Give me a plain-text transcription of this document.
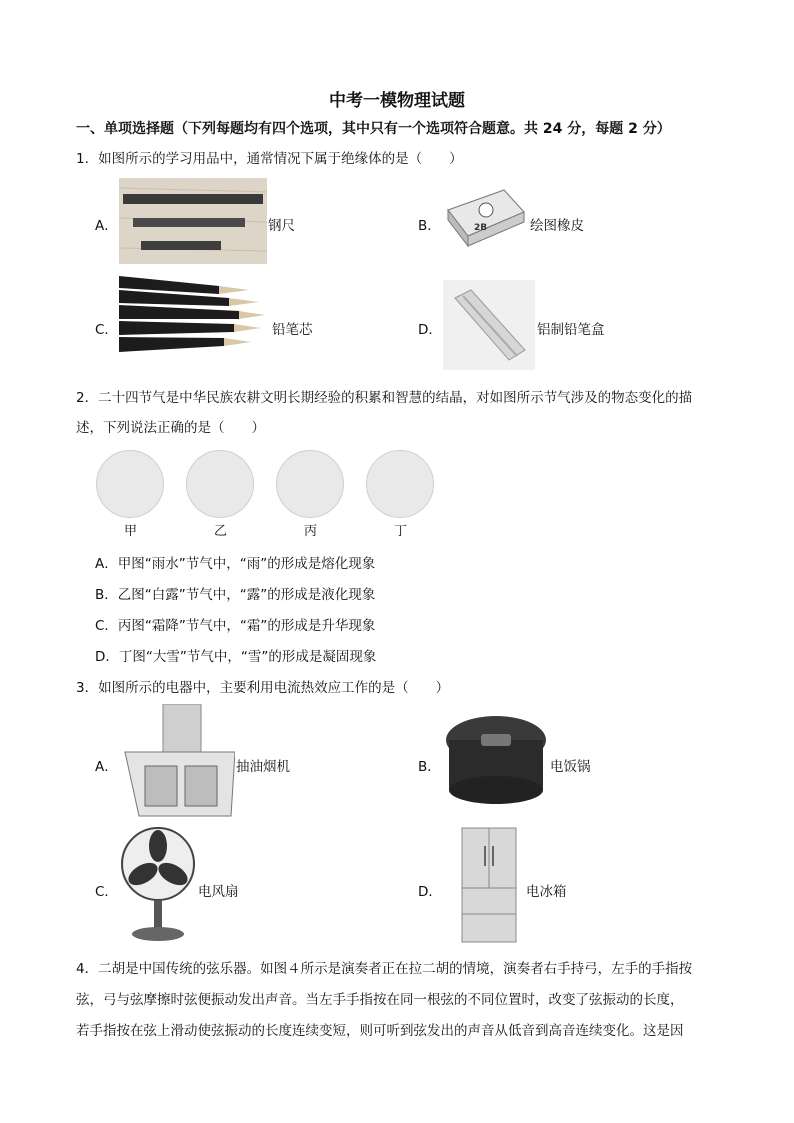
中考一模物理试题
一、单项选择题（下列每题均有四个选项，其中只有一个选项符合题意。共 24 分，每题 2 分）
1．如图所示的学习用品中，通常情况下属于绝缘体的是（　　）
A．	钢尺	B．	2B	绘图橡皮
C．	铅笔芯	D．	铝制铅笔盒
2．二十四节气是中华民族农耕文明长期经验的积累和智慧的结晶，对如图所示节气涉及的物态变化的描
述，下列说法正确的是（　　）
甲	乙	丙	丁
A．甲图“雨水”节气中，“雨”的形成是熔化现象
B．乙图“白露”节气中，“露”的形成是液化现象
C．丙图“霜降”节气中，“霜”的形成是升华现象
D．丁图“大雪”节气中，“雪”的形成是凝固现象
3．如图所示的电器中，主要利用电流热效应工作的是（　　）
A．	抽油烟机	B．	电饭锅
C．	电风扇	D．	电冰箱
4．二胡是中国传统的弦乐器。如图４所示是演奏者正在拉二胡的情境，演奏者右手持弓，左手的手指按
弦，弓与弦摩擦时弦便振动发出声音。当左手手指按在同一根弦的不同位置时，改变了弦振动的长度，
若手指按在弦上滑动使弦振动的长度连续变短，则可听到弦发出的声音从低音到高音连续变化。这是因
